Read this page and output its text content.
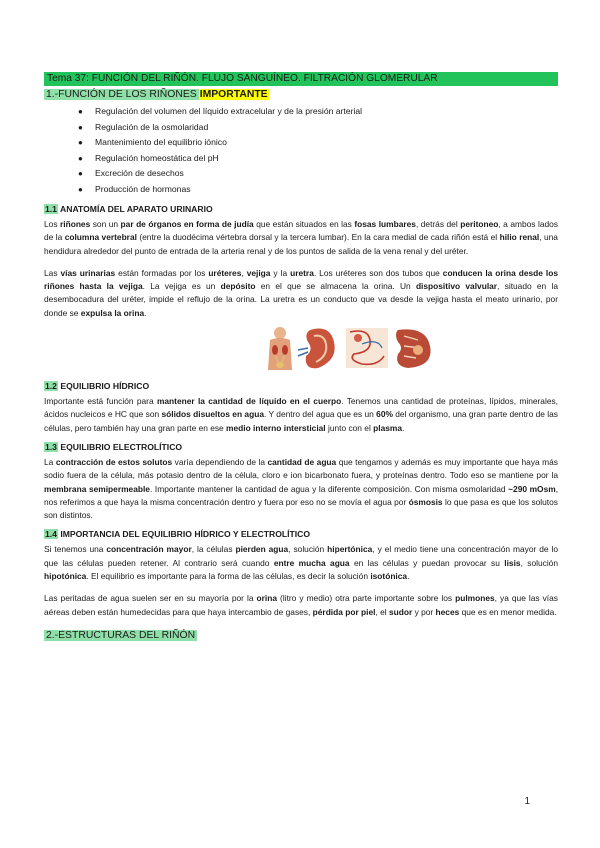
Tema 37: FUNCIÓN DEL RIÑÓN. FLUJO SANGUÍNEO. FILTRACIÓN GLOMERULAR
1.-FUNCIÓN DE LOS RIÑONES IMPORTANTE
● Regulación del volumen del líquido extracelular y de la presión arterial
● Regulación de la osmolaridad
● Mantenimiento del equilibrio iónico
● Regulación homeostática del pH
● Excreción de desechos
● Producción de hormonas
1.1 ANATOMÍA DEL APARATO URINARIO

Los riñones son un par de órganos en forma de judía que están situados en las fosas lumbares, detrás del peritoneo, a ambos lados de la columna vertebral (entre la duodécima vértebra dorsal y la tercera lumbar). En la cara medial de cada riñón está el hilio renal, una hendidura alrededor del punto de entrada de la arteria renal y de los puntos de salida de la vena renal y del uréter.

Las vías urinarias están formadas por los uréteres, vejiga y la uretra. Los uréteres son dos tubos que conducen la orina desde los riñones hasta la vejiga. La vejiga es un depósito en el que se almacena la orina. Un dispositivo valvular, situado en la desembocadura del uréter, impide el reflujo de la orina. La uretra es un conducto que va desde la vejiga hasta el meato urinario, por donde se expulsa la orina.

1.2 EQUILIBRIO HÍDRICO

Importante está función para mantener la cantidad de líquido en el cuerpo. Tenemos una cantidad de proteínas, lípidos, minerales, ácidos nucleicos e HC que son sólidos disueltos en agua. Y dentro del agua que es un 60% del organismo, una gran parte dentro de las células, pero también hay una gran parte en ese medio interno intersticial junto con el plasma.

1.3 EQUILIBRIO ELECTROLÍTICO

La contracción de estos solutos varía dependiendo de la cantidad de agua que tengamos y además es muy importante que haya más sodio fuera de la célula, más potasio dentro de la célula, cloro e ion bicarbonato fuera, y proteínas dentro. Todo eso se mantiene por la membrana semipermeable. Importante mantener la cantidad de agua y la diferente composición. Con misma osmolaridad ~290 mOsm, nos referimos a que haya la misma concentración dentro y fuera por eso no se movía el agua por ósmosis lo que pasa es que los solutos son distintos.

1.4 IMPORTANCIA DEL EQUILIBRIO HÍDRICO Y ELECTROLÍTICO

Si tenemos una concentración mayor, la células pierden agua, solución hipertónica, y el medio tiene una concentración mayor de lo que las células pueden retener. Al contrario será cuando entre mucha agua en las células y puedan provocar su lisis, solución hipotónica. El equilibrio es importante para la forma de las células, es decir la solución isotónica.

Las peritadas de agua suelen ser en su mayoría por la orina (litro y medio) otra parte importante sobre los pulmones, ya que las vías aéreas deben están humedecidas para que haya intercambio de gases, pérdida por piel, el sudor y por heces que es en menor medida.

2.-ESTRUCTURAS DEL RIÑÓN
1
